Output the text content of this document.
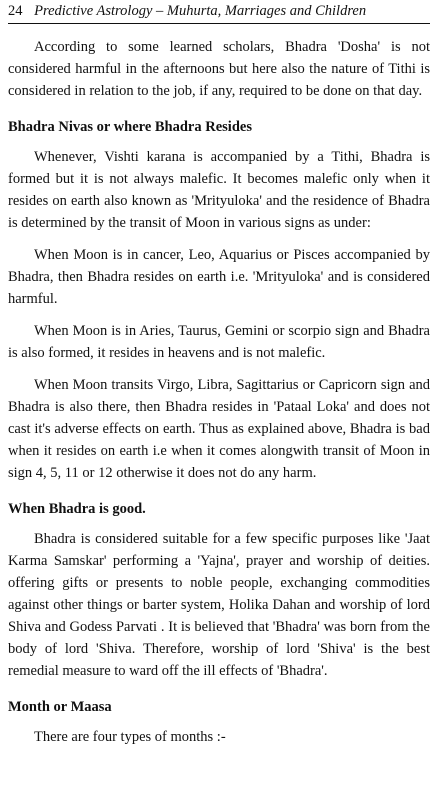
24 Predictive Astrology – Muhurta, Marriages and Children

According to some learned scholars, Bhadra 'Dosha' is not considered harmful in the afternoons but here also the nature of Tithi is considered in relation to the job, if any, required to be done on that day.

Bhadra Nivas or where Bhadra Resides

Whenever, Vishti karana is accompanied by a Tithi, Bhadra is formed but it is not always malefic. It becomes malefic only when it resides on earth also known as 'Mrityuloka' and the residence of Bhadra is determined by the transit of Moon in various signs as under:

When Moon is in cancer, Leo, Aquarius or Pisces accompanied by Bhadra, then Bhadra resides on earth i.e. 'Mrityuloka' and is considered harmful.

When Moon is in Aries, Taurus, Gemini or scorpio sign and Bhadra is also formed, it resides in heavens and is not malefic.

When Moon transits Virgo, Libra, Sagittarius or Capricorn sign and Bhadra is also there, then Bhadra resides in 'Pataal Loka' and does not cast it's adverse effects on earth. Thus as explained above, Bhadra is bad when it resides on earth i.e when it comes alongwith transit of Moon in sign 4, 5, 11 or 12 otherwise it does not do any harm.

When Bhadra is good.

Bhadra is considered suitable for a few specific purposes like 'Jaat Karma Samskar' performing a 'Yajna', prayer and worship of deities. offering gifts or presents to noble people, exchanging commodities against other things or barter system, Holika Dahan and worship of lord Shiva and Godess Parvati . It is believed that 'Bhadra' was born from the body of lord 'Shiva. Therefore, worship of lord 'Shiva' is the best remedial measure to ward off the ill effects of 'Bhadra'.

Month or Maasa

There are four types of months :-
